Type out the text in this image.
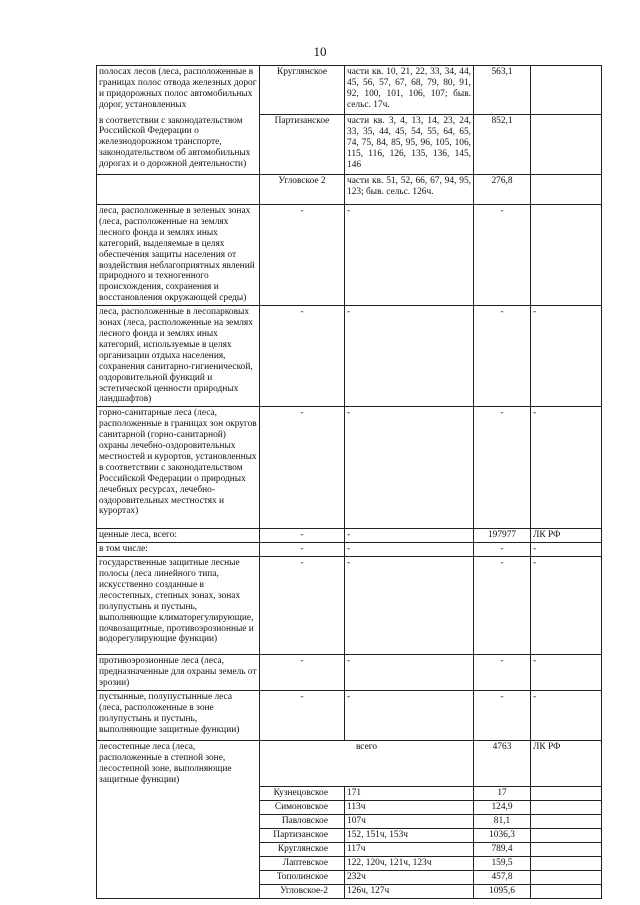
10
полосах лесов (леса, расположенные в границах полос отвода железных дорог и придорожных полос автомобильных дорог, установленных	Круглянское	части кв. 10, 21, 22, 33, 34, 44, 45, 56, 57, 67, 68, 79, 80, 91, 92, 100, 101, 106, 107; быв. сельс. 17ч.	563,1	
в соответствии с законодательством Российской Федерации о железнодорожном транспорте, законодательством об автомобильных дорогах и о дорожной деятельности)	Партизанское	части кв. 3, 4, 13, 14, 23, 24, 33, 35, 44, 45, 54, 55, 64, 65, 74, 75, 84, 85, 95, 96, 105, 106, 115, 116, 126, 135, 136, 145, 146	852,1	
	Угловское 2	части кв. 51, 52, 66, 67, 94, 95, 123; быв. сельс. 126ч.	276,8	
леса, расположенные в зеленых зонах (леса, расположенные на землях лесного фонда и землях иных категорий, выделяемые в целях обеспечения защиты населения от воздействия неблагоприятных явлений природного и техногенного происхождения, сохранения и восстановления окружающей среды)	-	-	-	
леса, расположенные в лесопарковых зонах (леса, расположенные на землях лесного фонда и землях иных категорий, используемые в целях организации отдыха населения, сохранения санитарно-гигиенической, оздоровительной функций и эстетической ценности природных ландшафтов)	-	-	-	-
горно-санитарные леса (леса, расположенные в границах зон округов санитарной (горно-санитарной) охраны лечебно-оздоровительных местностей и курортов, установленных в соответствии с законодательством Российской Федерации о природных лечебных ресурсах, лечебно-оздоровительных местностях и курортах)	-	-	-	-
ценные леса, всего:	-	-	197977	ЛК РФ
в том числе:	-	-	-	-
государственные защитные лесные полосы (леса линейного типа, искусственно созданные в лесостепных, степных зонах, зонах полупустынь и пустынь, выполняющие климаторегулирующие, почвозащитные, противоэрозионные и водорегулирующие функции)	-	-	-	-
противоэрозионные леса (леса, предназначенные для охраны земель от эрозии)	-	-	-	-
пустынные, полупустынные леса (леса, расположенные в зоне полупустынь и пустынь, выполняющие защитные функции)	-	-	-	-
лесостепные леса (леса, расположенные в степной зоне, лесостепной зоне, выполняющие защитные функции)	всего		4763	ЛК РФ
	Кузнецовское	171	17	
	Симоновское	113ч	124,9	
	Павловское	107ч	81,1	
	Партизанское	152, 151ч, 153ч	1036,3	
	Круглянское	117ч	789,4	
	Лаптевское	122, 120ч, 121ч, 123ч	159,5	
	Тополинское	232ч	457,8	
	Угловское-2	126ч, 127ч	1095,6	
